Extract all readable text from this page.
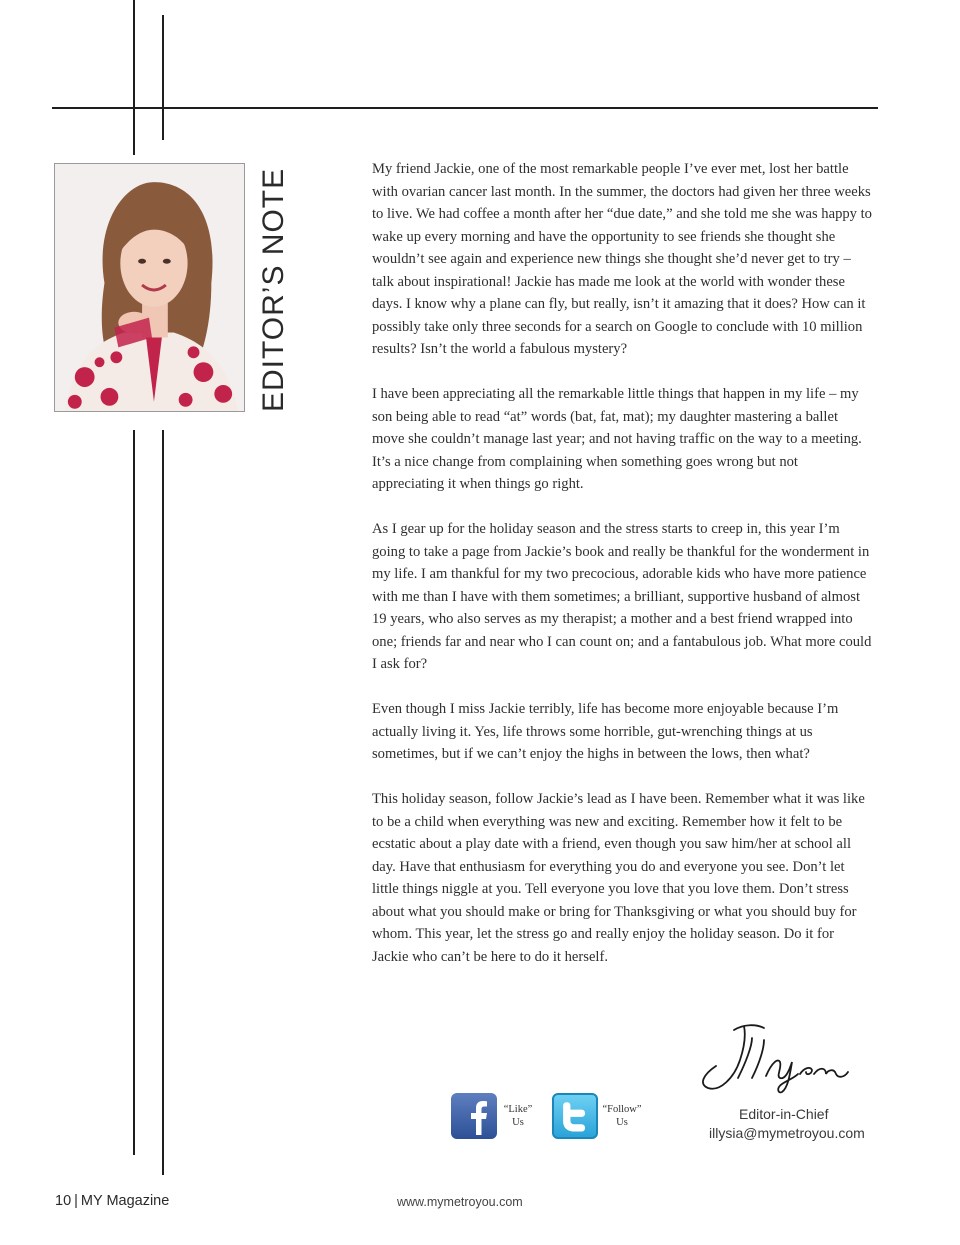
EDITOR’S NOTE	My friend Jackie, one of the most remarkable people I’ve ever met, lost her battle with ovarian cancer last month. In the summer, the doctors had given her three weeks to live. We had coffee a month after her “due date,” and she told me she was happy to wake up every morning and have the opportunity to see friends she thought she wouldn’t see again and experience new things she thought she’d never get to try – talk about inspirational! Jackie has made me look at the world with wonder these days. I know why a plane can fly, but really, isn’t it amazing that it does? How can it possibly take only three seconds for a search on Google to conclude with 10 million results? Isn’t the world a fabulous mystery?

I have been appreciating all the remarkable little things that happen in my life – my son being able to read “at” words (bat, fat, mat); my daughter mastering a ballet move she couldn’t manage last year; and not having traffic on the way to a meeting. It’s a nice change from complaining when something goes wrong but not appreciating it when things go right.

As I gear up for the holiday season and the stress starts to creep in, this year I’m going to take a page from Jackie’s book and really be thankful for the wonderment in my life. I am thankful for my two precocious, adorable kids who have more patience with me than I have with them sometimes; a brilliant, supportive husband of almost 19 years, who also serves as my therapist; a mother and a best friend wrapped into one; friends far and near who I can count on; and a fantabulous job. What more could I ask for?

Even though I miss Jackie terribly, life has become more enjoyable because I’m actually living it. Yes, life throws some horrible, gut-wrenching things at us sometimes, but if we can’t enjoy the highs in between the lows, then what?

This holiday season, follow Jackie’s lead as I have been. Remember what it was like to be a child when everything was new and exciting. Remember how it felt to be ecstatic about a play date with a friend, even though you saw him/her at school all day. Have that enthusiasm for everything you do and everyone you see. Don’t let little things niggle at you. Tell everyone you love that you love them. Don’t stress about what you should make or bring for Thanksgiving or what you should buy for whom. This year, let the stress go and really enjoy the holiday season. Do it for Jackie who can’t be here to do it herself.

“Like”
Us
“Follow”
Us
Editor-in-Chief
illysia@mymetroyou.com
10 | MY Magazine	www.mymetroyou.com
